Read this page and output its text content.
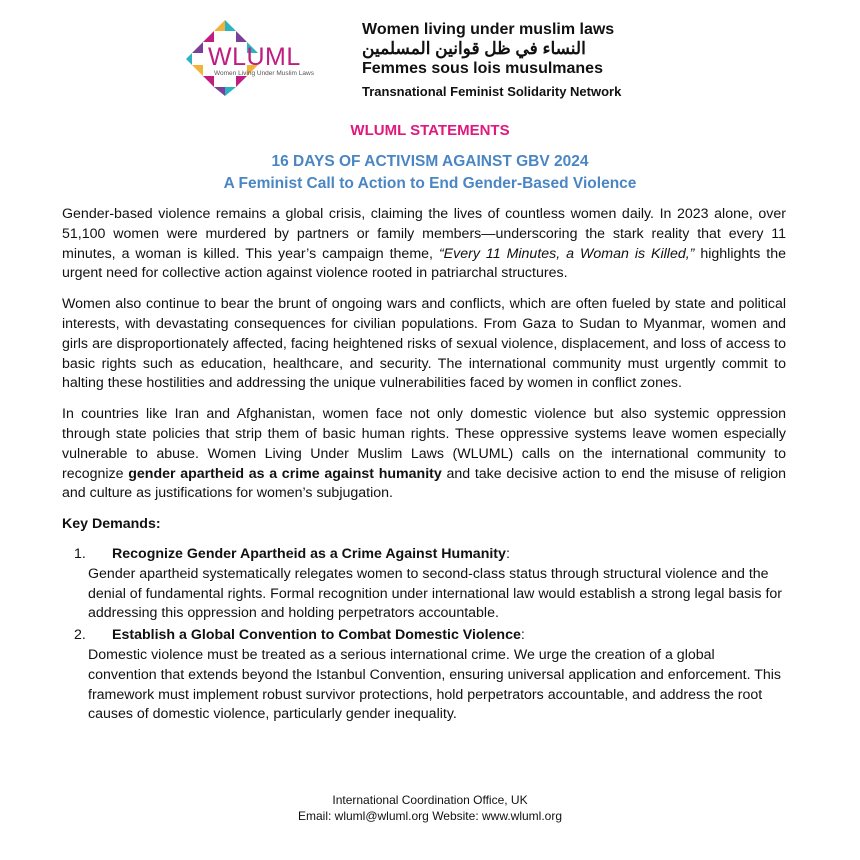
WLUML
Women Living Under Muslim Laws
Women living under muslim laws
النساء في ظل قوانين المسلمين
Femmes sous lois musulmanes
Transnational Feminist Solidarity Network
WLUML STATEMENTS
16 DAYS OF ACTIVISM AGAINST GBV 2024
A Feminist Call to Action to End Gender-Based Violence

Gender-based violence remains a global crisis, claiming the lives of countless women daily. In 2023 alone, over 51,100 women were murdered by partners or family members—underscoring the stark reality that every 11 minutes, a woman is killed. This year’s campaign theme, “Every 11 Minutes, a Woman is Killed,” highlights the urgent need for collective action against violence rooted in patriarchal structures.

Women also continue to bear the brunt of ongoing wars and conflicts, which are often fueled by state and political interests, with devastating consequences for civilian populations. From Gaza to Sudan to Myanmar, women and girls are disproportionately affected, facing heightened risks of sexual violence, displacement, and loss of access to basic rights such as education, healthcare, and security. The international community must urgently commit to halting these hostilities and addressing the unique vulnerabilities faced by women in conflict zones.

In countries like Iran and Afghanistan, women face not only domestic violence but also systemic oppression through state policies that strip them of basic human rights. These oppressive systems leave women especially vulnerable to abuse. Women Living Under Muslim Laws (WLUML) calls on the international community to recognize gender apartheid as a crime against humanity and take decisive action to end the misuse of religion and culture as justifications for women’s subjugation.

Key Demands:
1. Recognize Gender Apartheid as a Crime Against Humanity:
Gender apartheid systematically relegates women to second-class status through structural violence and the denial of fundamental rights. Formal recognition under international law would establish a strong legal basis for addressing this oppression and holding perpetrators accountable.
2. Establish a Global Convention to Combat Domestic Violence:
Domestic violence must be treated as a serious international crime. We urge the creation of a global convention that extends beyond the Istanbul Convention, ensuring universal application and enforcement. This framework must implement robust survivor protections, hold perpetrators accountable, and address the root causes of domestic violence, particularly gender inequality.
International Coordination Office, UK
Email: wluml@wluml.org Website: www.wluml.org
